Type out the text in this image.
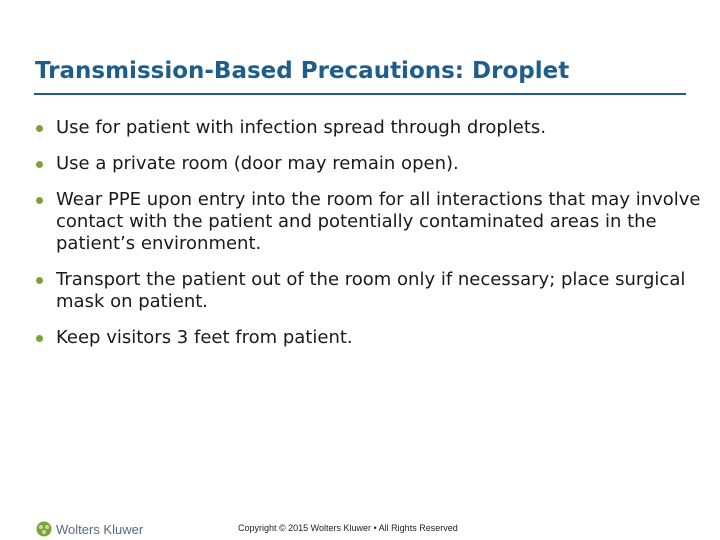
Transmission-Based Precautions: Droplet
Use for patient with infection spread through droplets.
Use a private room (door may remain open).
Wear PPE upon entry into the room for all interactions that may involve contact with the patient and potentially contaminated areas in the patient’s environment.
Transport the patient out of the room only if necessary; place surgical mask on patient.
Keep visitors 3 feet from patient.
Wolters Kluwer	Copyright © 2015 Wolters Kluwer • All Rights Reserved
